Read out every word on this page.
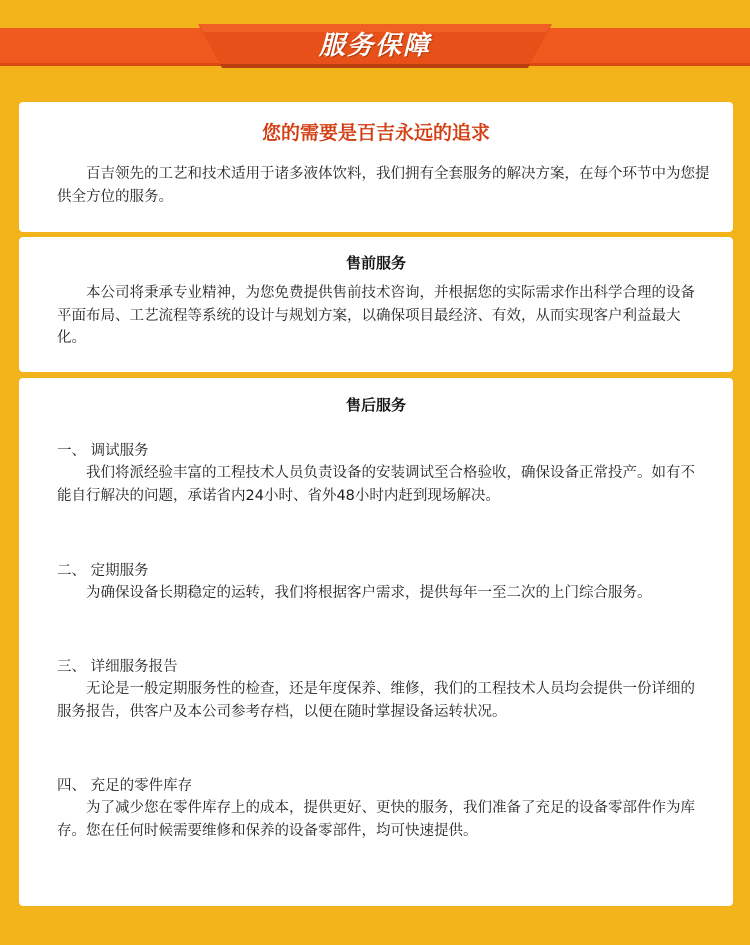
服务保障
您的需要是百吉永远的追求

百吉领先的工艺和技术适用于诸多液体饮料，我们拥有全套服务的解决方案，在每个环节中为您提供全方位的服务。

售前服务

本公司将秉承专业精神，为您免费提供售前技术咨询，并根据您的实际需求作出科学合理的设备平面布局、工艺流程等系统的设计与规划方案，以确保项目最经济、有效，从而实现客户利益最大化。

售后服务
一、 调试服务

我们将派经验丰富的工程技术人员负责设备的安装调试至合格验收，确保设备正常投产。如有不能自行解决的问题，承诺省内24小时、省外48小时内赶到现场解决。

二、 定期服务

为确保设备长期稳定的运转，我们将根据客户需求，提供每年一至二次的上门综合服务。

三、 详细服务报告

无论是一般定期服务性的检查，还是年度保养、维修，我们的工程技术人员均会提供一份详细的服务报告，供客户及本公司参考存档，以便在随时掌握设备运转状况。

四、 充足的零件库存

为了减少您在零件库存上的成本，提供更好、更快的服务，我们准备了充足的设备零部件作为库存。您在任何时候需要维修和保养的设备零部件，均可快速提供。
